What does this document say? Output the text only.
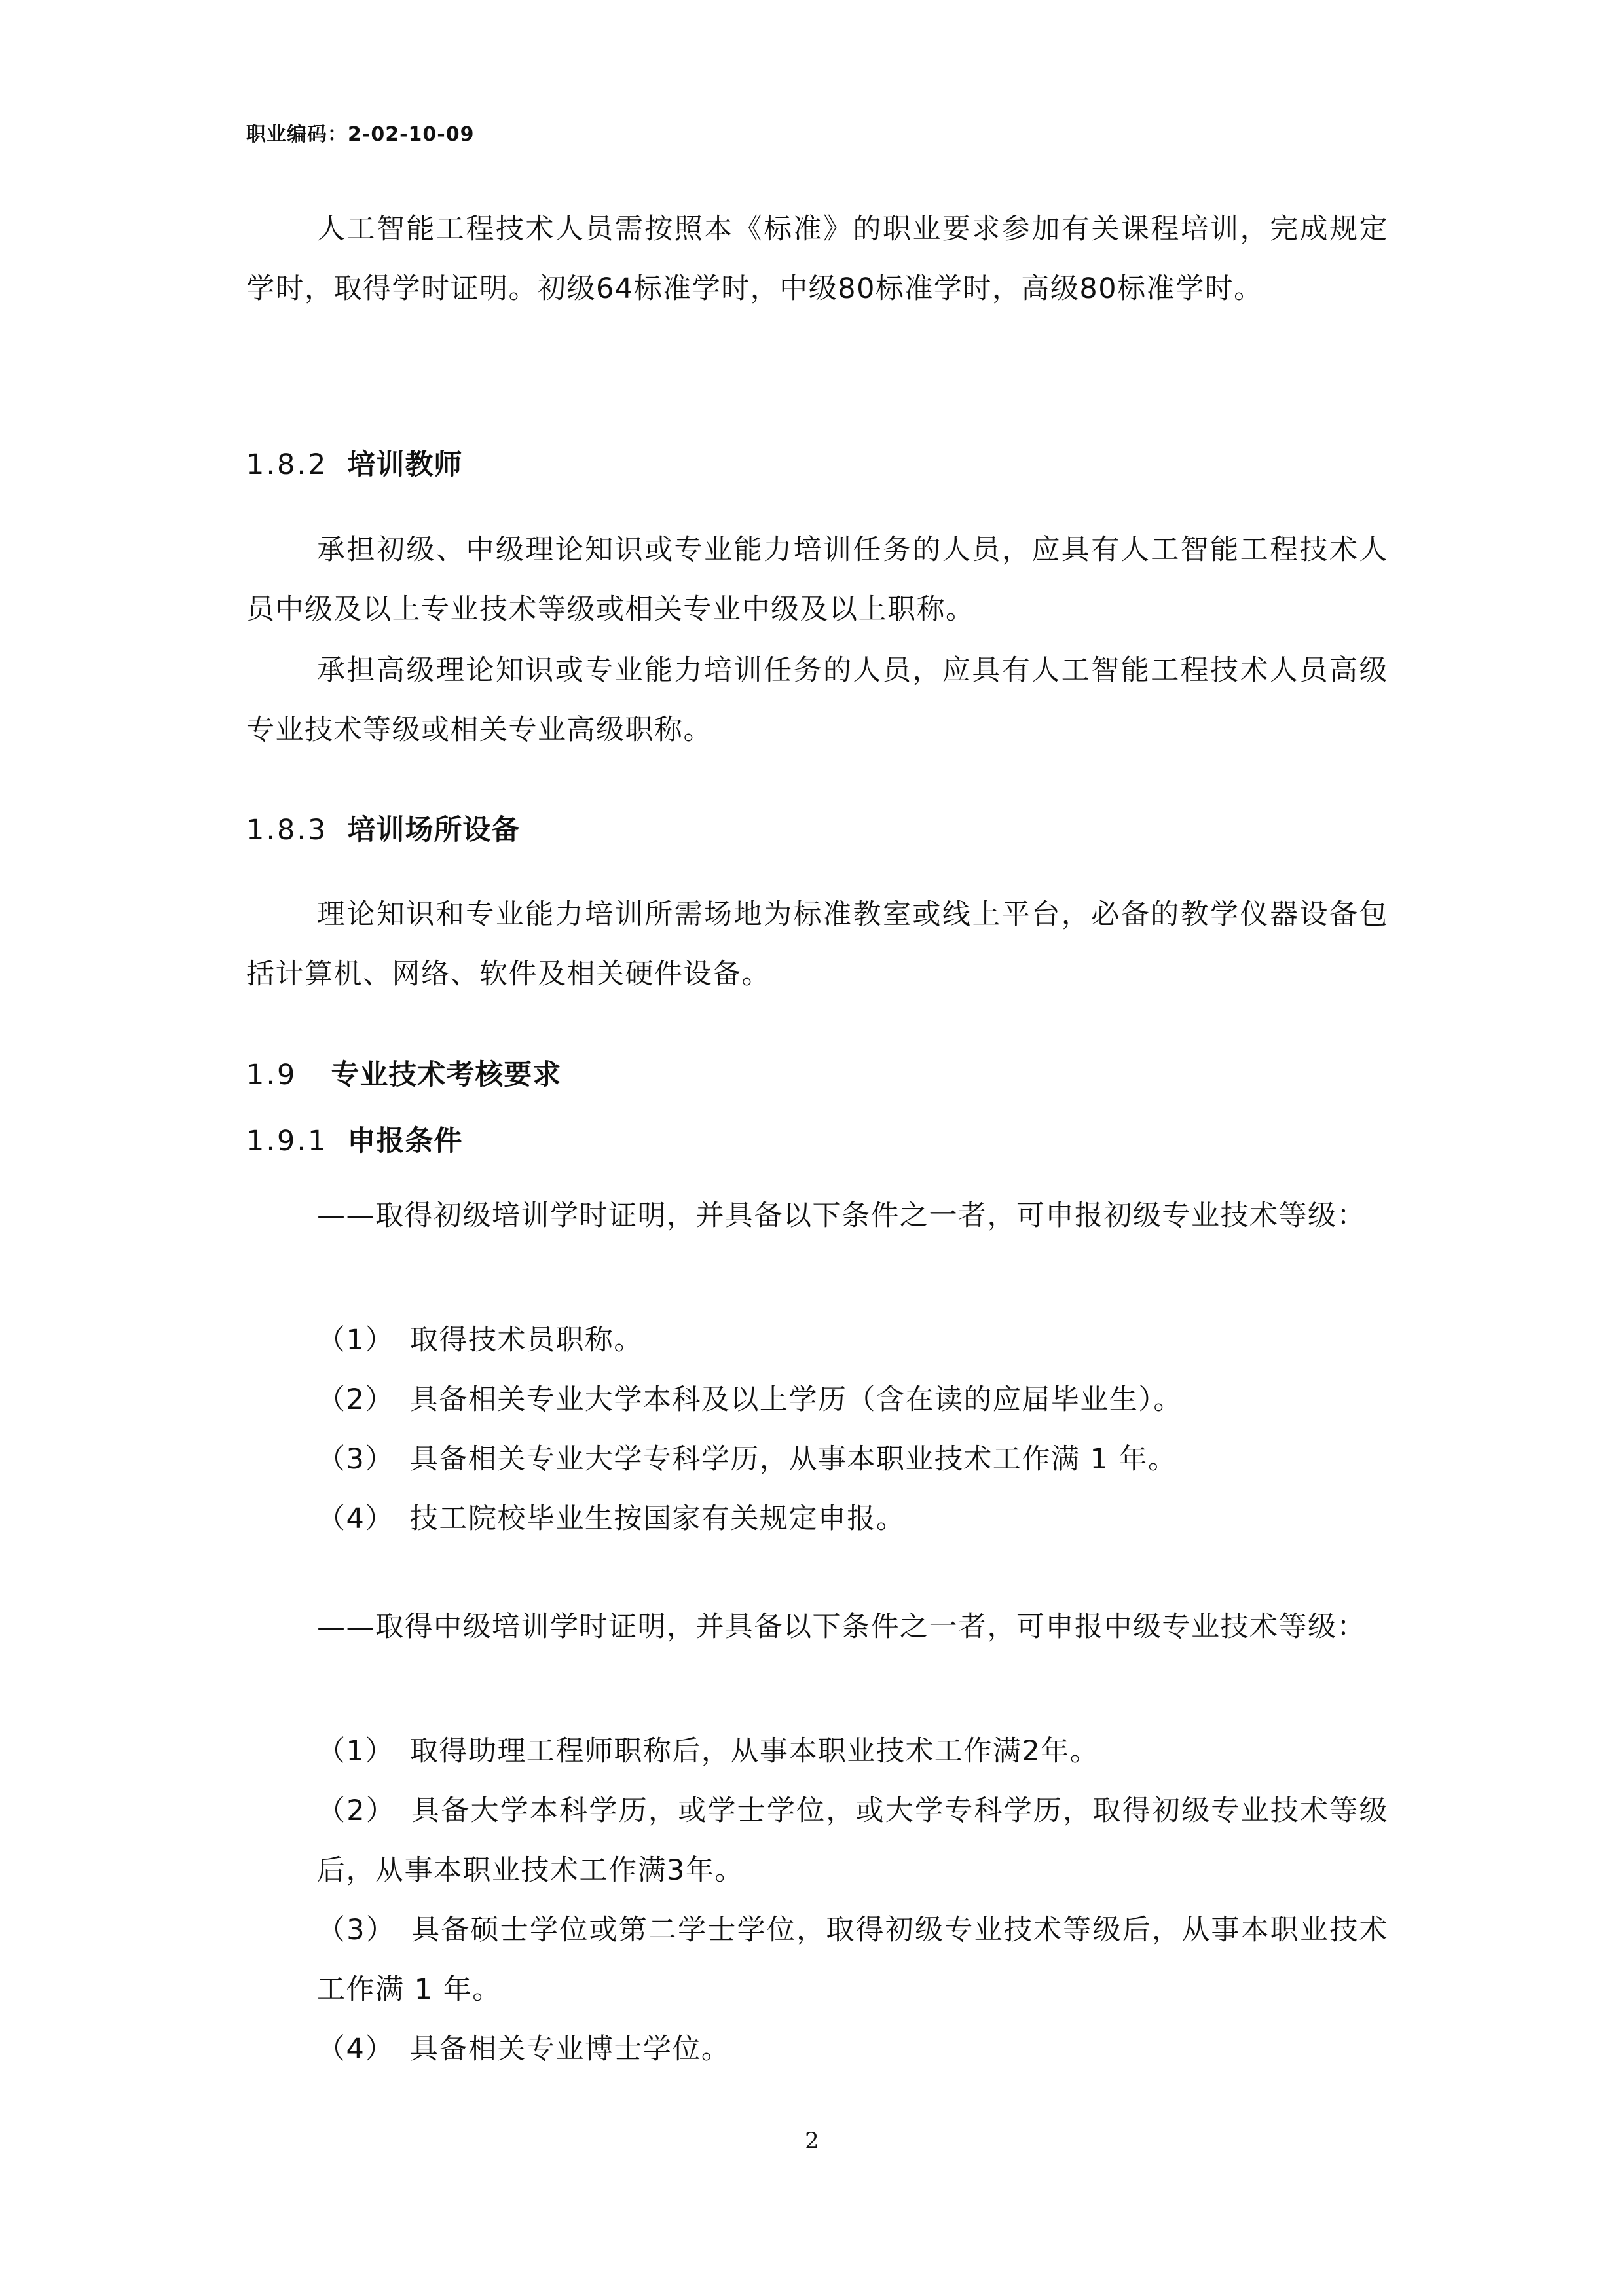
职业编码：2-02-10-09

人工智能工程技术人员需按照本《标准》的职业要求参加有关课程培训，完成规定学时，取得学时证明。初级64标准学时，中级80标准学时，高级80标准学时。

1.8.2 培训教师

承担初级、中级理论知识或专业能力培训任务的人员，应具有人工智能工程技术人员中级及以上专业技术等级或相关专业中级及以上职称。

承担高级理论知识或专业能力培训任务的人员，应具有人工智能工程技术人员高级专业技术等级或相关专业高级职称。

1.8.3 培训场所设备

理论知识和专业能力培训所需场地为标准教室或线上平台，必备的教学仪器设备包括计算机、网络、软件及相关硬件设备。

1.9 专业技术考核要求
1.9.1 申报条件

——取得初级培训学时证明，并具备以下条件之一者，可申报初级专业技术等级：

（1） 取得技术员职称。

（2） 具备相关专业大学本科及以上学历（含在读的应届毕业生）。

（3） 具备相关专业大学专科学历，从事本职业技术工作满 1 年。

（4） 技工院校毕业生按国家有关规定申报。

——取得中级培训学时证明，并具备以下条件之一者，可申报中级专业技术等级：

（1） 取得助理工程师职称后，从事本职业技术工作满2年。

（2） 具备大学本科学历，或学士学位，或大学专科学历，取得初级专业技术等级后，从事本职业技术工作满3年。

（3） 具备硕士学位或第二学士学位，取得初级专业技术等级后，从事本职业技术工作满 1 年。

（4） 具备相关专业博士学位。

2
